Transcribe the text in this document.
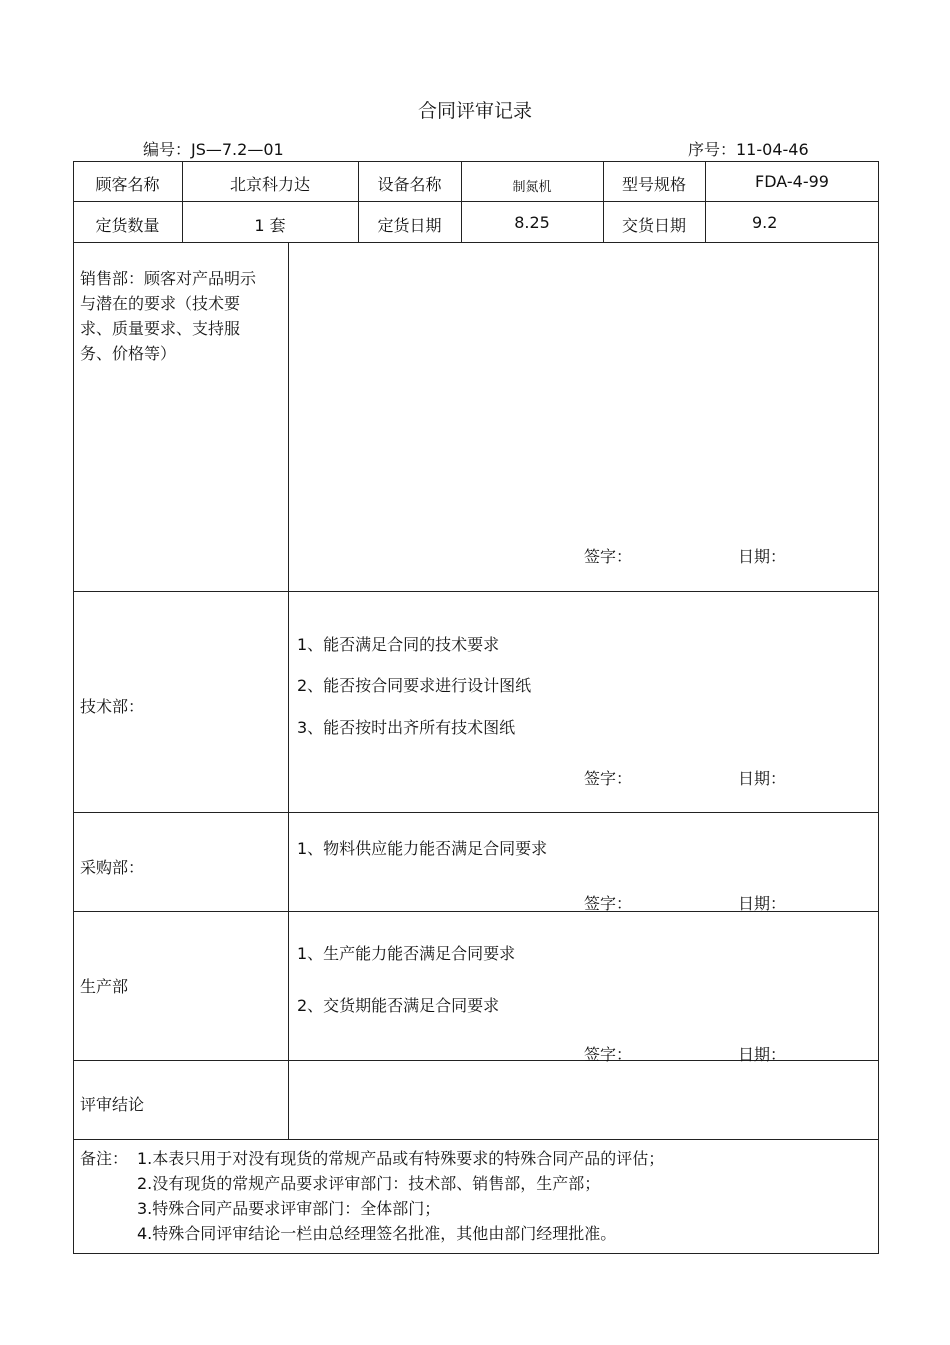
合同评审记录
编号：JS—7.2—01	序号：11-04-46
顾客名称	北京科力达	设备名称	制氮机	型号规格	FDA-4-99
定货数量	1 套	定货日期	8.25	交货日期	9.2
销售部：顾客对产品明示与潜在的要求（技术要求、质量要求、支持服务、价格等）
签字：	日期：
技术部：
1、能否满足合同的技术要求
2、能否按合同要求进行设计图纸
3、能否按时出齐所有技术图纸
签字：	日期：
采购部：
1、物料供应能力能否满足合同要求
签字：	日期：
生产部
1、生产能力能否满足合同要求
2、交货期能否满足合同要求
签字：	日期：
评审结论
备注： 1.本表只用于对没有现货的常规产品或有特殊要求的特殊合同产品的评估；
2.没有现货的常规产品要求评审部门：技术部、销售部，生产部；
3.特殊合同产品要求评审部门：全体部门；
4.特殊合同评审结论一栏由总经理签名批准，其他由部门经理批准。
